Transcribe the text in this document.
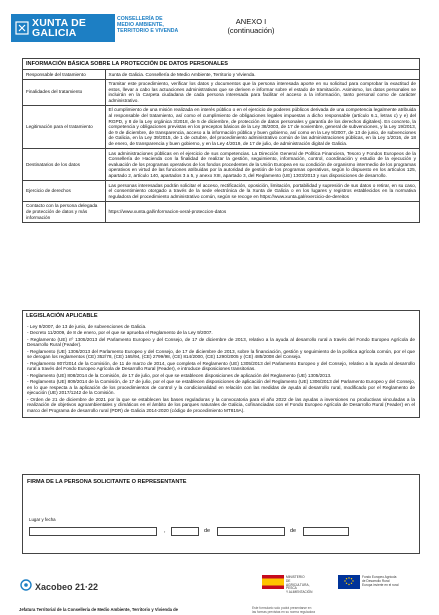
XUNTA DE GALICIA
CONSELLERÍA DE
MEDIO AMBIENTE,
TERRITORIO E VIVENDA
ANEXO I
(continuación)
INFORMACIÓN BÁSICA SOBRE LA PROTECCIÓN DE DATOS PERSONALES
Responsable del tratamiento	Xunta de Galicia. Consellería de Medio Ambiente, Territorio y Vivienda.
Finalidades del tratamiento	Tramitar este procedimiento, verificar los datos y documentos que la persona interesada aporte en su solicitud para comprobar la exactitud de estos, llevar a cabo las actuaciones administrativas que se deriven e informar sobre el estado de tramitación. Asimismo, los datos personales se incluirán en la Carpeta ciudadana de cada persona interesada para facilitar el acceso a la información, tanto personal como de carácter administrativo.
Legitimación para el tratamiento	El cumplimiento de una misión realizada en interés público o en el ejercicio de poderes públicos derivada de una competencia legalmente atribuida al responsable del tratamiento, así como el cumplimiento de obligaciones legales impuestas a dicho responsable (artículo 6.1, letras c) y e) del RGPD, y 8 de la Ley orgánica 3/2018, de 5 de diciembre, de protección de datos personales y garantía de los derechos digitales). En concreto, la competencia y obligaciones previstas en los preceptos básicos de la Ley 38/2003, de 17 de noviembre, general de subvenciones, y la Ley 19/2013, de 9 de diciembre, de transparencia, acceso a la información pública y buen gobierno, así como en la Ley 9/2007, de 13 de junio, de subvenciones de Galicia, en la Ley 39/2015, de 1 de octubre, del procedimiento administrativo común de las administraciones públicas, en la Ley 1/2016, de 18 de enero, de transparencia y buen gobierno, y en la Ley 4/2019, de 17 de julio, de administración digital de Galicia.
Destinatarios de los datos	Las administraciones públicas en el ejercicio de sus competencias. La Dirección General de Política Financiera, Tesoro y Fondos Europeos de la Consellería de Hacienda con la finalidad de realizar la gestión, seguimiento, información, control, coordinación y estudio de la ejecución y evaluación de los programas operativos de los fondos procedentes de la Unión Europea en su condición de organismo intermedio de los programas operativos en virtud de las funciones atribuidas por la autoridad de gestión de los programas operativos, según lo dispuesto en los artículos 125, apartado 2, artículo 140, apartados 3 a 5, y anexo XIII, apartado 3, del Reglamento (UE) 1303/2013 y sus disposiciones de desarrollo.
Ejercicio de derechos	Las personas interesadas podrán solicitar el acceso, rectificación, oposición, limitación, portabilidad y supresión de sus datos o retirar, en su caso, el consentimiento otorgado a través de la sede electrónica de la Xunta de Galicia o en los lugares y registros establecidos en la normativa reguladora del procedimiento administrativo común, según se recoge en https://www.xunta.gal/exercicio-de-dereitos
Contacto con la persona delegada de protección de datos y más información	https://www.xunta.gal/informacion-xeral-proteccion-datos
LEGISLACIÓN APLICABLE
- Ley 9/2007, de 13 de junio, de subvenciones de Galicia.
- Decreto 11/2009, de 8 de enero, por el que se aprueba el Reglamento de la Ley 9/2007.
- Reglamento (UE) nº 1305/2013 del Parlamento Europeo y del Consejo, de 17 de diciembre de 2013, relativo a la ayuda al desarrollo rural a través del Fondo Europeo Agrícola de Desarrollo Rural (Feader).
- Reglamento (UE) 1306/2013 del Parlamento Europeo y del Consejo, de 17 de diciembre de 2013, sobre la financiación, gestión y seguimiento de la política agrícola común, por el que se derogan los reglamentos (CE) 352/78, (CE) 165/94, (CE) 2799/98, (CE) 814/2000, (CE) 1290/2005 y (CE) 485/2008 del Consejo.
- Reglamento 807/2014 de la Comisión, de 11 de marzo de 2014, que completa el Reglamento (UE) 1305/2013 del Parlamento Europeo y del Consejo, relativo a la ayuda al desarrollo rural a través del Fondo Europeo Agrícola de Desarrollo Rural (Feader), e introduce disposiciones transitorias.
- Reglamento (UE) 808/2014 de la Comisión, de 17 de julio, por el que se establecen disposiciones de aplicación del Reglamento (UE) 1305/2013.
- Reglamento (UE) 809/2014 de la Comisión, de 17 de julio, por el que se establecen disposiciones de aplicación del Reglamento (UE) 1306/2013 del Parlamento Europeo y del Consejo, en lo que respecta a la aplicación de los procedimientos de control y la condicionalidad en relación con las medidas de ayuda al desarrollo rural, modificado por el Reglamento de ejecución (UE) 2017/1242 de la Comisión.
- Orden de 21 de diciembre de 2021 por la que se establecen las bases reguladoras y la convocatoria para el año 2022 de las ayudas a inversiones no productivas vinculadas a la realización de objetivos agroambientales y climáticos en el ámbito de los parques naturales de Galicia, cofinanciadas con el Fondo Europeo Agrícola de Desarrollo Rural (Feader) en el marco del Programa de desarrollo rural (PDR) de Galicia 2014-2020 (código de procedimiento MT819A).
FIRMA DE LA PERSONA SOLICITANTE O REPRESENTANTE
Lugar y fecha
,	de	de
Xacobeo 21·22
MINISTERIO
DE AGRICULTURA, PESCA
Y ALIMENTACIÓN
Fondo Europeo Agrícola
de Desarrollo Rural
Europa invierte en el rural
Jefatura Territorial de la Consellería de Medio Ambiente, Territorio y Vivienda de	Este formulario solo podrá presentarse en
las formas previstas en su norma reguladora
